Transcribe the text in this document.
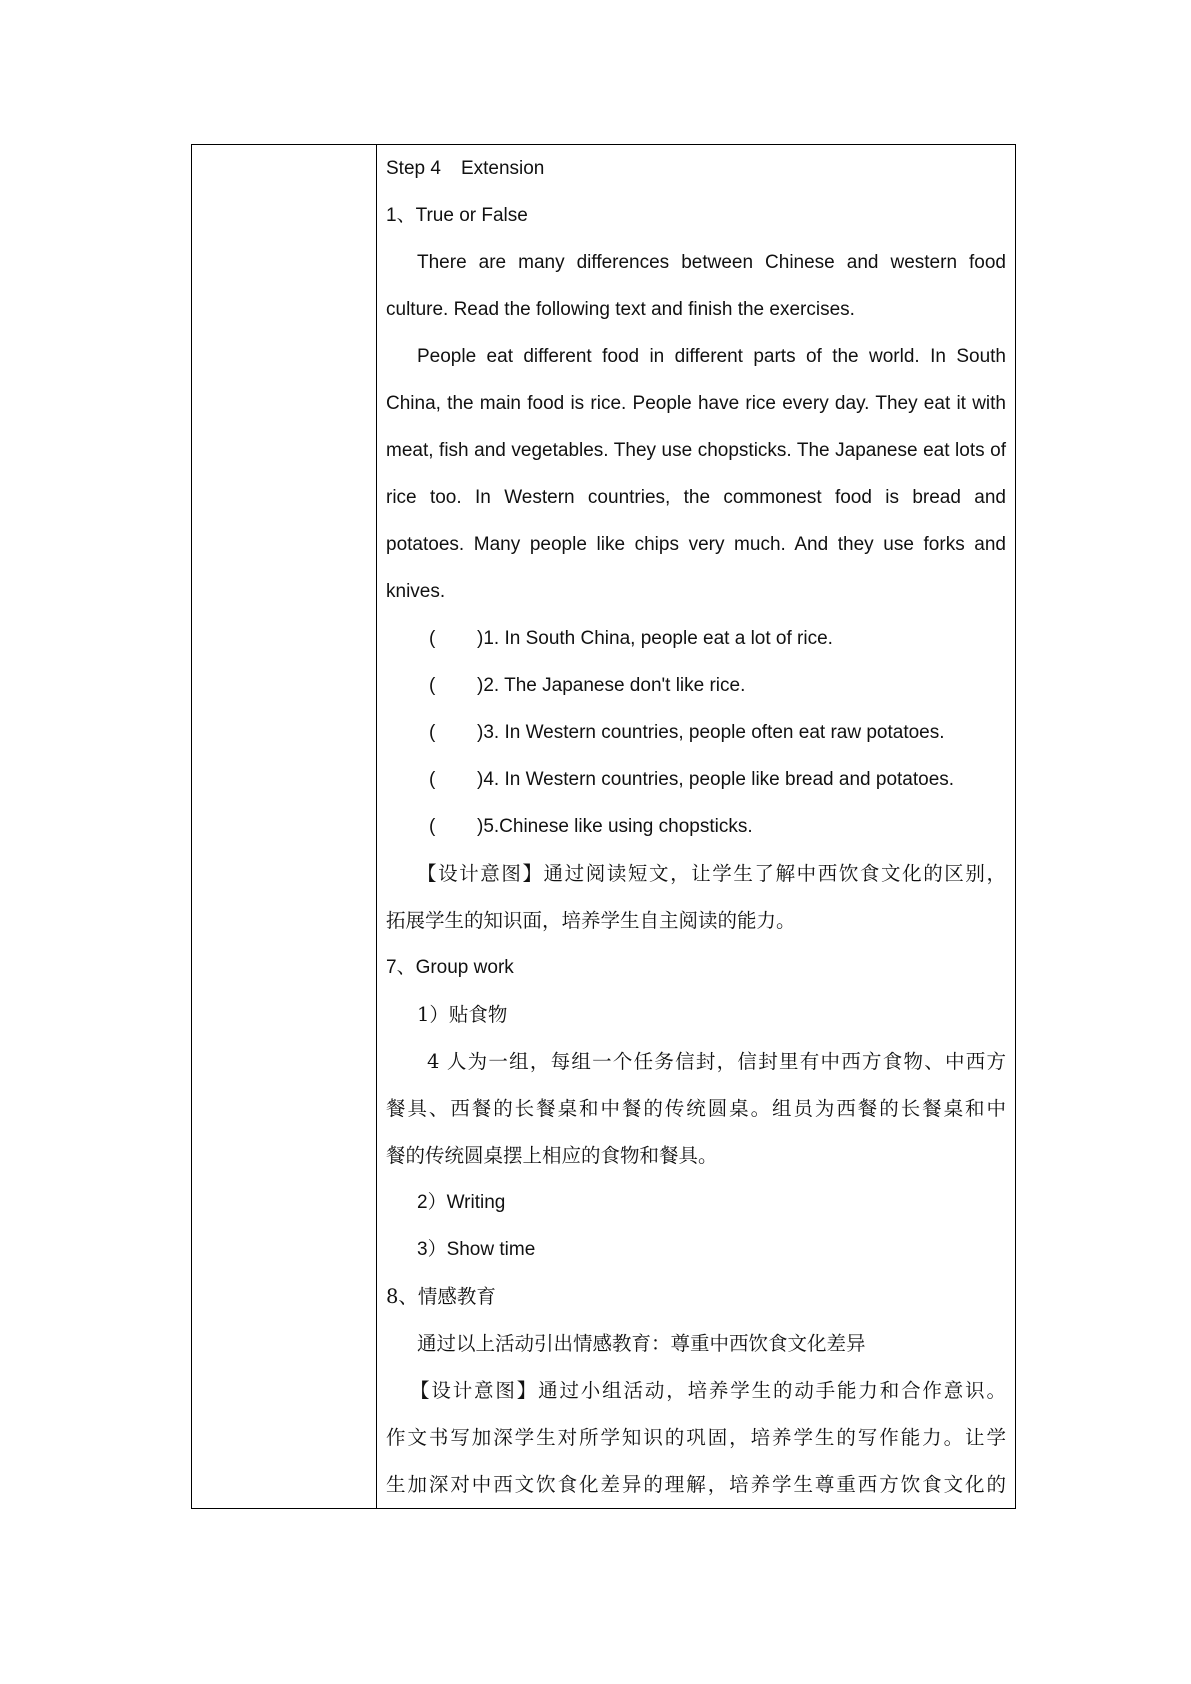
Step 4 Extension
1、True or False
There are many differences between Chinese and western food
culture. Read the following text and finish the exercises.
People eat different food in different parts of the world. In South
China, the main food is rice. People have rice every day. They eat it with
meat, fish and vegetables. They use chopsticks. The Japanese eat lots of
rice too. In Western countries, the commonest food is bread and
potatoes. Many people like chips very much. And they use forks and
knives.
( )1. In South China, people eat a lot of rice.
( )2. The Japanese don't like rice.
( )3. In Western countries, people often eat raw potatoes.
( )4. In Western countries, people like bread and potatoes.
( )5.Chinese like using chopsticks.
【设计意图】通过阅读短文，让学生了解中西饮食文化的区别，
拓展学生的知识面，培养学生自主阅读的能力。
7、Group work
1）贴食物
4 人为一组，每组一个任务信封，信封里有中西方食物、中西方
餐具、西餐的长餐桌和中餐的传统圆桌。组员为西餐的长餐桌和中
餐的传统圆桌摆上相应的食物和餐具。
2）Writing
3）Show time
8、情感教育
通过以上活动引出情感教育：尊重中西饮食文化差异
【设计意图】通过小组活动，培养学生的动手能力和合作意识。
作文书写加深学生对所学知识的巩固，培养学生的写作能力。让学
生加深对中西文饮食化差异的理解，培养学生尊重西方饮食文化的
